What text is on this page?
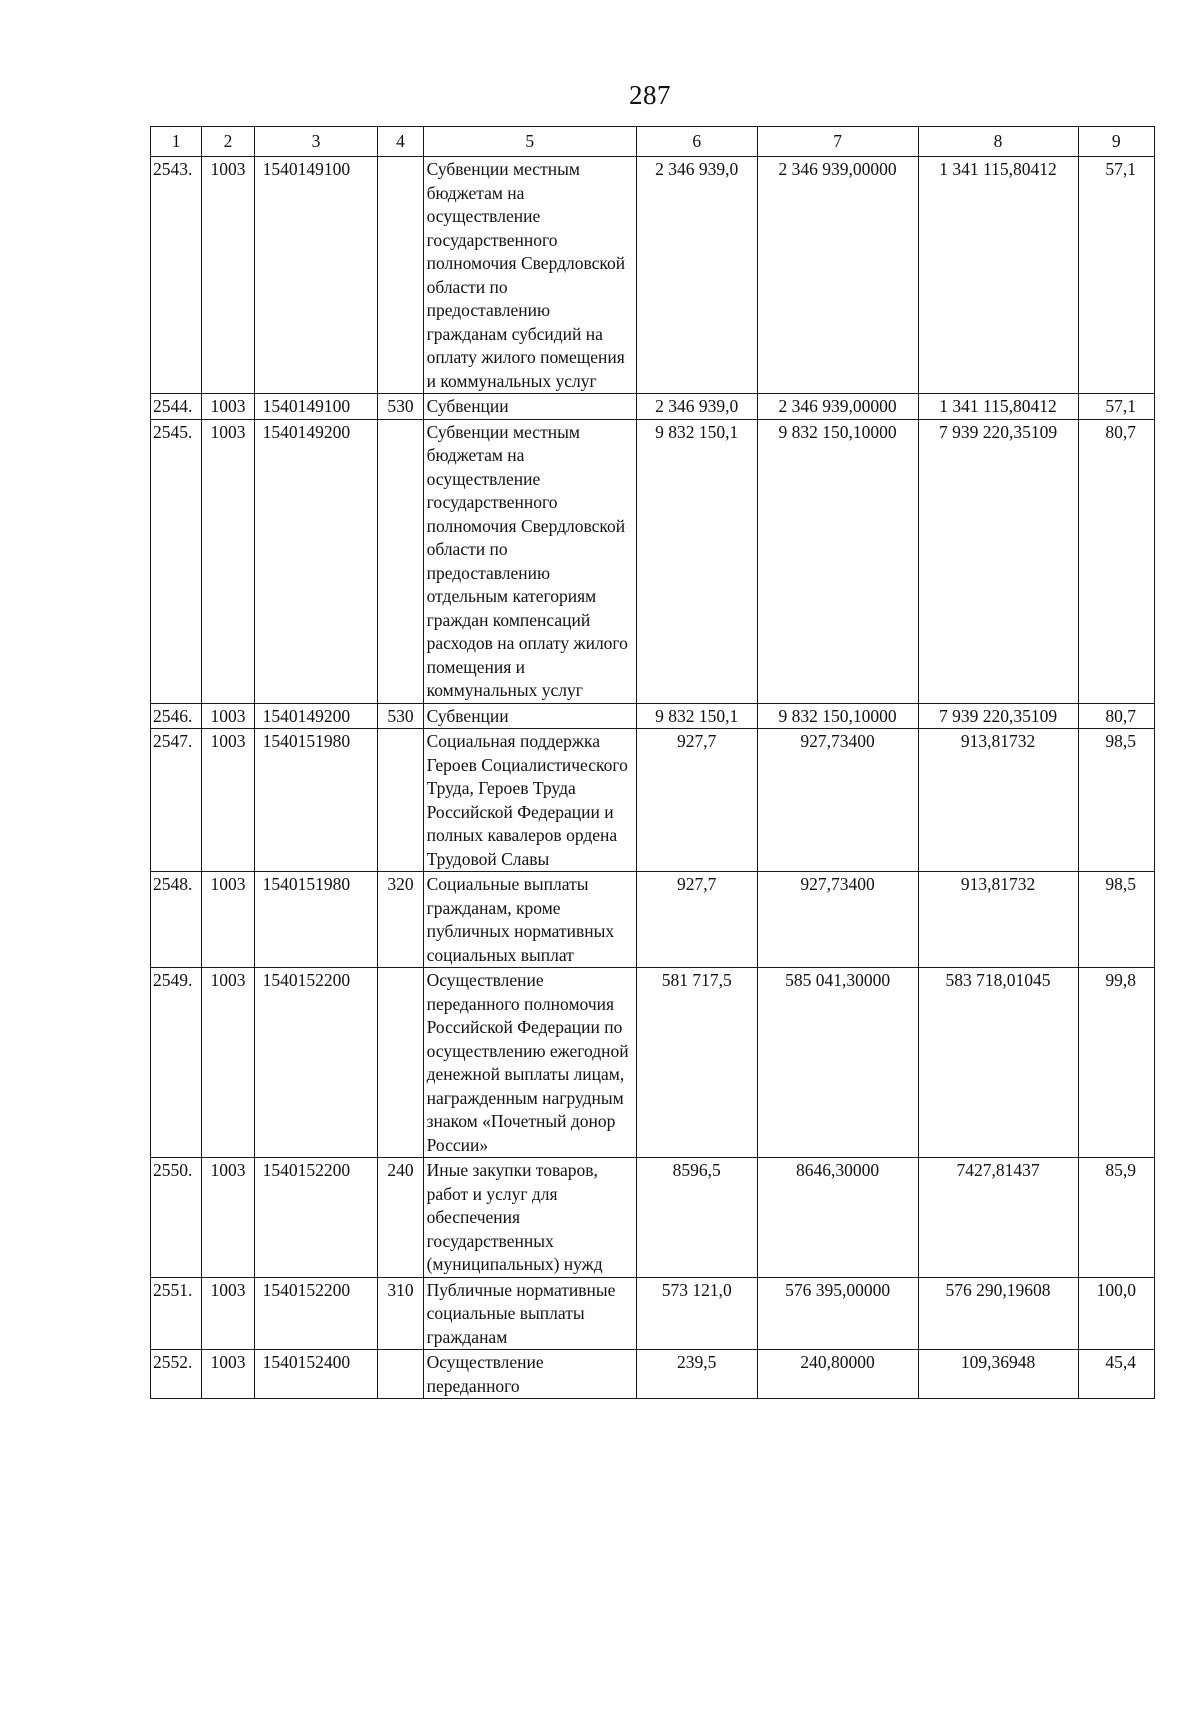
287
1	2	3	4	5	6	7	8	9
2543.	1003	1540149100		Субвенции местным бюджетам на осуществление государственного полномочия Свердловской области по предоставлению гражданам субсидий на оплату жилого помещения и коммунальных услуг	2 346 939,0	2 346 939,00000	1 341 115,80412	57,1
2544.	1003	1540149100	530	Субвенции	2 346 939,0	2 346 939,00000	1 341 115,80412	57,1
2545.	1003	1540149200		Субвенции местным бюджетам на осуществление государственного полномочия Свердловской области по предоставлению отдельным категориям граждан компенсаций расходов на оплату жилого помещения и коммунальных услуг	9 832 150,1	9 832 150,10000	7 939 220,35109	80,7
2546.	1003	1540149200	530	Субвенции	9 832 150,1	9 832 150,10000	7 939 220,35109	80,7
2547.	1003	1540151980		Социальная поддержка Героев Социалистического Труда, Героев Труда Российской Федерации и полных кавалеров ордена Трудовой Славы	927,7	927,73400	913,81732	98,5
2548.	1003	1540151980	320	Социальные выплаты гражданам, кроме публичных нормативных социальных выплат	927,7	927,73400	913,81732	98,5
2549.	1003	1540152200		Осуществление переданного полномочия Российской Федерации по осуществлению ежегодной денежной выплаты лицам, награжденным нагрудным знаком «Почетный донор России»	581 717,5	585 041,30000	583 718,01045	99,8
2550.	1003	1540152200	240	Иные закупки товаров, работ и услуг для обеспечения государственных (муниципальных) нужд	8596,5	8646,30000	7427,81437	85,9
2551.	1003	1540152200	310	Публичные нормативные социальные выплаты гражданам	573 121,0	576 395,00000	576 290,19608	100,0
2552.	1003	1540152400		Осуществление переданного	239,5	240,80000	109,36948	45,4
